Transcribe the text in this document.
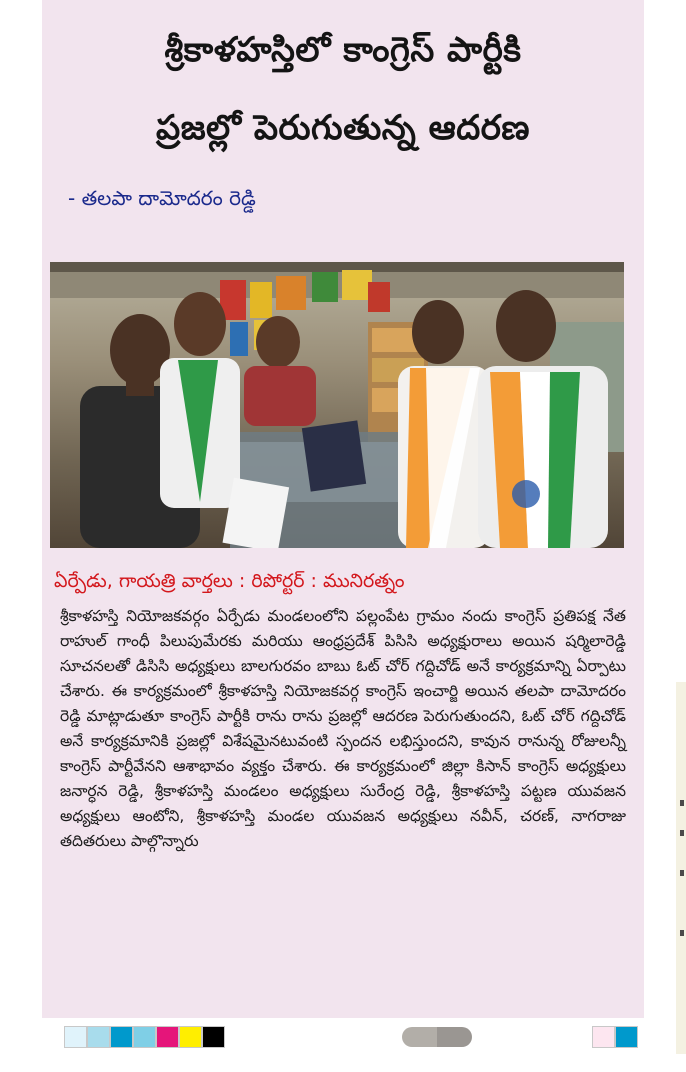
శ్రీకాళహస్తిలో కాంగ్రెస్ పార్టీకి
ప్రజల్లో పెరుగుతున్న ఆదరణ
- తలపా దామోదరం రెడ్డి
ఏర్పేడు, గాయత్రి వార్తలు : రిపోర్టర్ : మునిరత్నం
శ్రీకాళహస్తి నియోజకవర్గం ఏర్పేడు మండలంలోని పల్లంపేట గ్రామం నందు కాంగ్రెస్ ప్రతిపక్ష నేత రాహుల్ గాంధీ పిలుపుమేరకు మరియు ఆంధ్రప్రదేశ్ పిసిసి అధ్యక్షురాలు అయిన షర్మిలారెడ్డి సూచనలతో డిసిసి అధ్యక్షులు బాలగురవం బాబు ఓట్ చోర్ గద్దిచోడ్ అనే కార్యక్రమాన్ని ఏర్పాటు చేశారు. ఈ కార్యక్రమంలో శ్రీకాళహస్తి నియోజకవర్గ కాంగ్రెస్ ఇంచార్జి అయిన తలపా దామోదరం రెడ్డి మాట్లాడుతూ కాంగ్రెస్ పార్టీకి రాను రాను ప్రజల్లో ఆదరణ పెరుగుతుందని, ఓట్ చోర్ గద్దిచోడ్ అనే కార్యక్రమానికి ప్రజల్లో విశేషమైనటువంటి స్పందన లభిస్తుందని, కావున రానున్న రోజులన్నీ కాంగ్రెస్ పార్టీవేనని ఆశాభావం వ్యక్తం చేశారు. ఈ కార్యక్రమంలో జిల్లా కిసాన్ కాంగ్రెస్ అధ్యక్షులు జనార్ధన రెడ్డి, శ్రీకాళహస్తి మండలం అధ్యక్షులు సురేంద్ర రెడ్డి, శ్రీకాళహస్తి పట్టణ యువజన అధ్యక్షులు ఆంటోని, శ్రీకాళహస్తి మండల యువజన అధ్యక్షులు నవీన్, చరణ్, నాగరాజు తదితరులు పాల్గొన్నారు
